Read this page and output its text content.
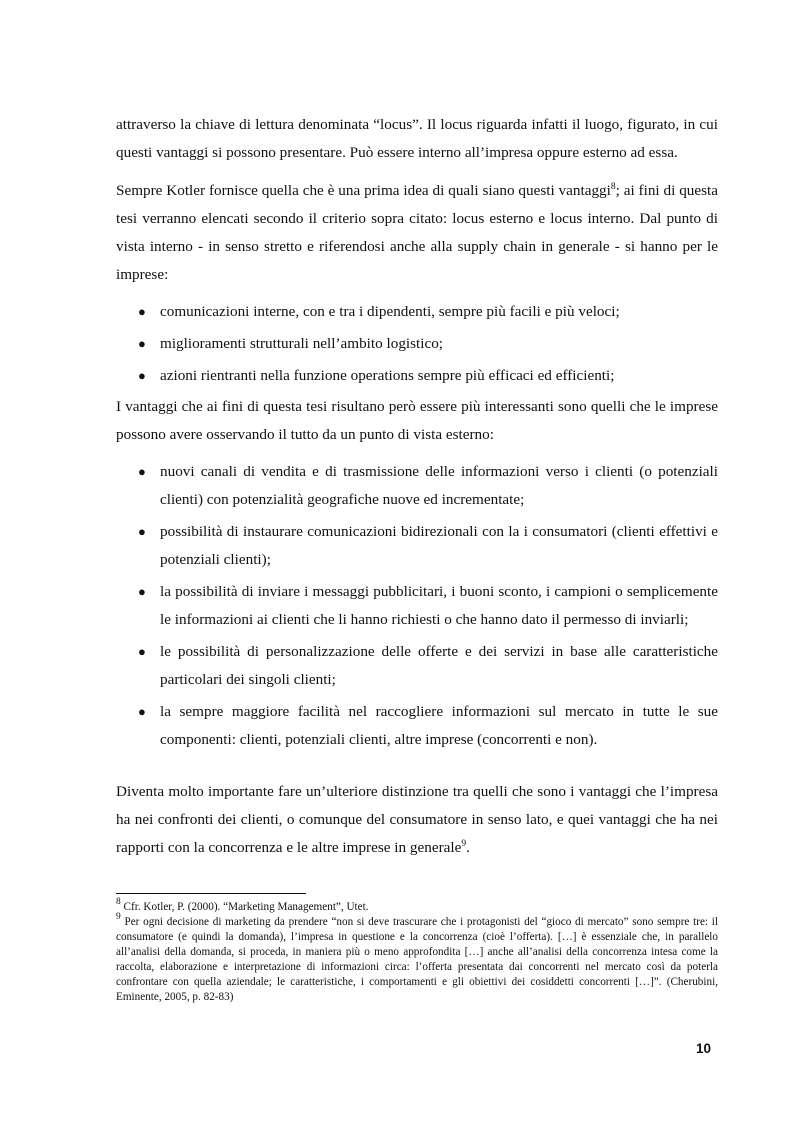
attraverso la chiave di lettura denominata “locus”. Il locus riguarda infatti il luogo, figurato, in cui questi vantaggi si possono presentare. Può essere interno all’impresa oppure esterno ad essa.
Sempre Kotler fornisce quella che è una prima idea di quali siano questi vantaggi$^8$; ai fini di questa tesi verranno elencati secondo il criterio sopra citato: locus esterno e locus interno. Dal punto di vista interno - in senso stretto e riferendosi anche alla supply chain in generale - si hanno per le imprese:
● comunicazioni interne, con e tra i dipendenti, sempre più facili e più veloci;
● miglioramenti strutturali nell’ambito logistico;
● azioni rientranti nella funzione operations sempre più efficaci ed efficienti;
I vantaggi che ai fini di questa tesi risultano però essere più interessanti sono quelli che le imprese possono avere osservando il tutto da un punto di vista esterno:
● nuovi canali di vendita e di trasmissione delle informazioni verso i clienti (o potenziali clienti) con potenzialità geografiche nuove ed incrementate;
● possibilità di instaurare comunicazioni bidirezionali con la i consumatori (clienti effettivi e potenziali clienti);
● la possibilità di inviare i messaggi pubblicitari, i buoni sconto, i campioni o semplicemente le informazioni ai clienti che li hanno richiesti o che hanno dato il permesso di inviarli;
● le possibilità di personalizzazione delle offerte e dei servizi in base alle caratteristiche particolari dei singoli clienti;
● la sempre maggiore facilità nel raccogliere informazioni sul mercato in tutte le sue componenti: clienti, potenziali clienti, altre imprese (concorrenti e non).
Diventa molto importante fare un’ulteriore distinzione tra quelli che sono i vantaggi che l’impresa ha nei confronti dei clienti, o comunque del consumatore in senso lato, e quei vantaggi che ha nei rapporti con la concorrenza e le altre imprese in generale$^9$.

$^8$ Cfr. Kotler, P. (2000). “Marketing Management”, Utet.

$^9$ Per ogni decisione di marketing da prendere “non si deve trascurare che i protagonisti del “gioco di mercato” sono sempre tre: il consumatore (e quindi la domanda), l’impresa in questione e la concorrenza (cioè l’offerta). […] è essenziale che, in parallelo all’analisi della domanda, si proceda, in maniera più o meno approfondita […] anche all’analisi della concorrenza intesa come la raccolta, elaborazione e interpretazione di informazioni circa: l’offerta presentata dai concorrenti nel mercato così da poterla confrontare con quella aziendale; le caratteristiche, i comportamenti e gli obiettivi dei cosiddetti concorrenti […]”. (Cherubini, Eminente, 2005, p. 82-83)

10
